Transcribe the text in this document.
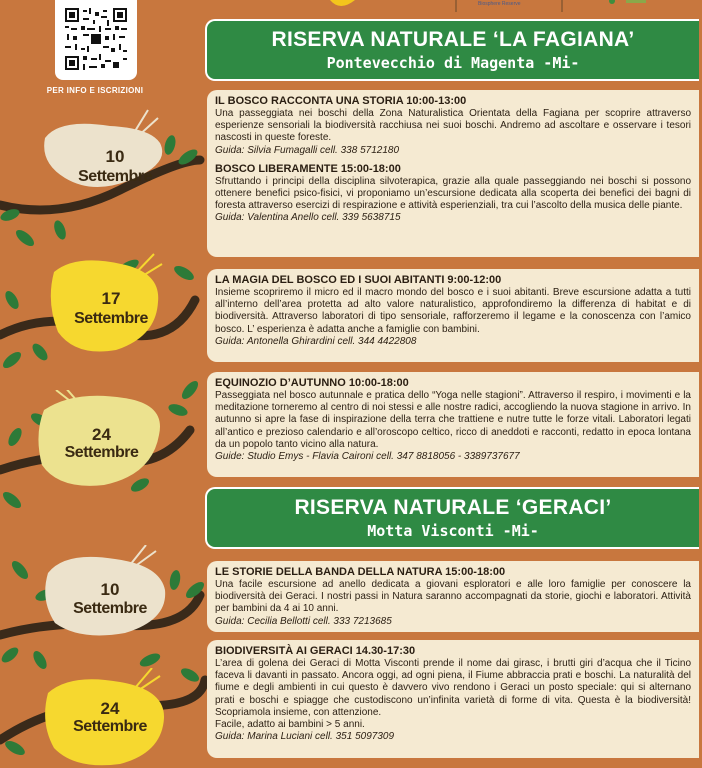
Biosphere Reserve
PER INFO E ISCRIZIONI
10
Settembre
17
Settembre
24
Settembre
10
Settembre
24
Settembre
RISERVA NATURALE ‘LA FAGIANA’
Pontevecchio di Magenta -Mi-
IL BOSCO RACCONTA UNA STORIA 10:00-13:00
Una passeggiata nei boschi della Zona Naturalistica Orientata della Fagiana per scoprire attraverso esperienze sensoriali la biodiversità racchiusa nei suoi boschi. Andremo ad ascoltare e osservare i tesori nascosti in queste foreste.
Guida: Silvia Fumagalli cell. 338 5712180
BOSCO LIBERAMENTE 15:00-18:00
Sfruttando i principi della disciplina silvoterapica, grazie alla quale passeggiando nei boschi si possono ottenere benefici psico-fisici, vi proponiamo un’escursione dedicata alla scoperta dei benefici dei bagni di foresta attraverso esercizi di respirazione e attività esperienziali, tra cui l’ascolto della musica delle piante.
Guida: Valentina Anello cell. 339 5638715
LA MAGIA DEL BOSCO ED I SUOI ABITANTI 9:00-12:00
Insieme scopriremo il micro ed il macro mondo del bosco e i suoi abitanti. Breve escursione adatta a tutti all’interno dell’area protetta ad alto valore naturalistico, approfondiremo la differenza di habitat e di biodiversità. Attraverso laboratori di tipo sensoriale, rafforzeremo il legame e la conoscenza con l’amico bosco. L’ esperienza è adatta anche a famiglie con bambini.
Guida: Antonella Ghirardini cell. 344 4422808
EQUINOZIO D’AUTUNNO 10:00-18:00
Passeggiata nel bosco autunnale e pratica dello “Yoga nelle stagioni”. Attraverso il respiro, i movimenti e la meditazione torneremo al centro di noi stessi e alle nostre radici, accogliendo la nuova stagione in arrivo. In autunno si apre la fase di inspirazione della terra che trattiene e nutre tutte le forze vitali. Laboratori legati all’antico e prezioso calendario e all’oroscopo celtico, ricco di aneddoti e racconti, redatto in epoca lontana da un popolo tanto vicino alla natura.
Guide: Studio Emys - Flavia Caironi cell. 347 8818056 - 3389737677
RISERVA NATURALE ‘GERACI’
Motta Visconti -Mi-
LE STORIE DELLA BANDA DELLA NATURA 15:00-18:00
Una facile escursione ad anello dedicata a giovani esploratori e alle loro famiglie per conoscere la biodiversità dei Geraci. I nostri passi in Natura saranno accompagnati da storie, giochi e laboratori. Attività per bambini da 4 ai 10 anni.
Guida: Cecilia Bellotti cell. 333 7213685
BIODIVERSITÀ AI GERACI 14.30-17:30
L’area di golena dei Geraci di Motta Visconti prende il nome dai girasc, i brutti giri d’acqua che il Ticino faceva li davanti in passato. Ancora oggi, ad ogni piena, il Fiume abbraccia prati e boschi. La naturalità del fiume e degli ambienti in cui questo è davvero vivo rendono i Geraci un posto speciale: qui si alternano prati e boschi e spiagge che custodiscono un’infinita varietà di forme di vita. Questa è la biodiversità! Scopriamola insieme, con attenzione.
Facile, adatto ai bambini > 5 anni.
Guida: Marina Luciani cell. 351 5097309
